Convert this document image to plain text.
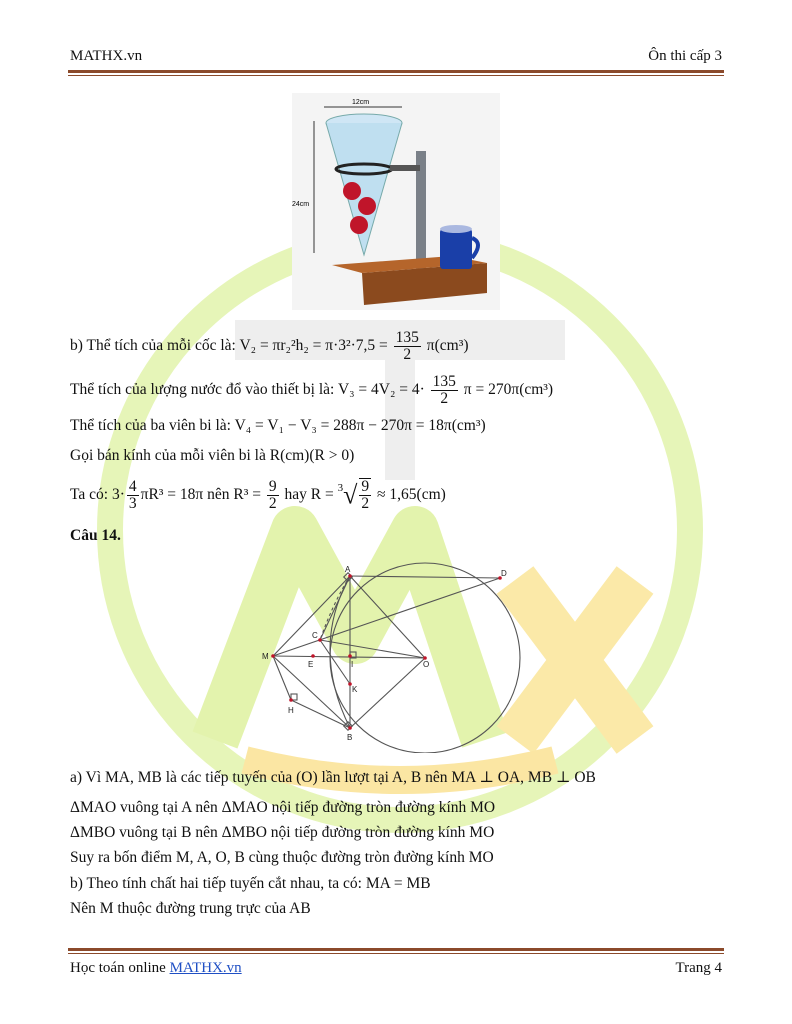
MATHX.vn	Ôn thi cấp 3
12cm
24cm
b) Thể tích của mỗi cốc là: $V_2 = \pi r_2^2h_2 = \pi\cdot 3^2\cdot 7,5 = \frac{135}{2} \pi(cm^3)$
Thể tích của lượng nước đổ vào thiết bị là: $V_3 = 4V_2 = 4\cdot \frac{135}{2}$ π = 270π(cm³)
Thể tích của ba viên bi là: V₄ = V₁ − V₃ = 288π − 270π = 18π(cm³)
Gọi bán kính của mỗi viên bi là R(cm)(R > 0)
Ta có: $3\cdot \frac{4}{3} \pi R^3 = 18\pi$ nên $R^3 = \frac{9}{2}$ hay $R = ^3√ \frac{9}{2} \approx 1,65(cm)$
Câu 14.
A	D
C
M
E	I	O
K
H
B
a) Vì MA, MB là các tiếp tuyến của (O) lần lượt tại A, B nên MA ⊥ OA, MB ⊥ OB
ΔMAO vuông tại A nên ΔMAO nội tiếp đường tròn đường kính MO
ΔMBO vuông tại B nên ΔMBO nội tiếp đường tròn đường kính MO
Suy ra bốn điểm M, A, O, B cùng thuộc đường tròn đường kính MO
b) Theo tính chất hai tiếp tuyến cắt nhau, ta có: MA = MB
Nên M thuộc đường trung trực của AB
Học toán online MATHX.vn	Trang 4
